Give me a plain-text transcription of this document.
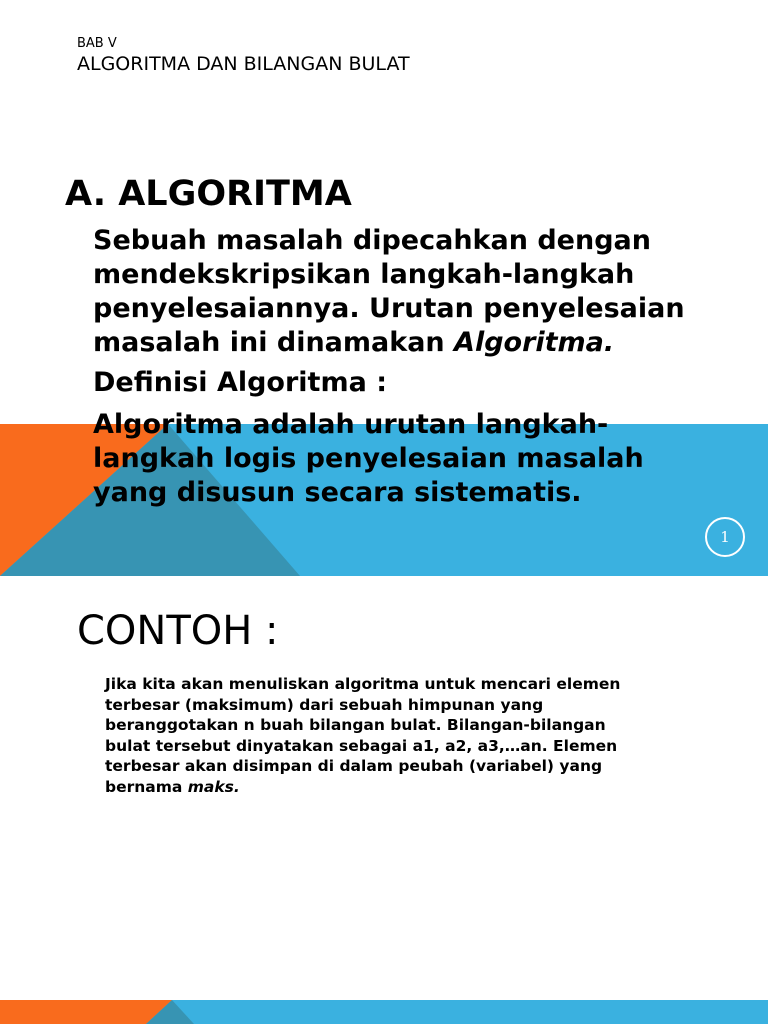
BAB V
ALGORITMA DAN BILANGAN BULAT
A. ALGORITMA

Sebuah masalah dipecahkan dengan
mendekskripsikan langkah-langkah
penyelesaiannya. Urutan penyelesaian
masalah ini dinamakan Algoritma.

Definisi Algoritma :

Algoritma adalah urutan langkah-
langkah logis penyelesaian masalah
yang disusun secara sistematis.

1
CONTOH :

Jika kita akan menuliskan algoritma untuk mencari elemen
terbesar (maksimum) dari sebuah himpunan yang
beranggotakan n buah bilangan bulat. Bilangan-bilangan
bulat tersebut dinyatakan sebagai a1, a2, a3,…an. Elemen
terbesar akan disimpan di dalam peubah (variabel) yang
bernama maks.
